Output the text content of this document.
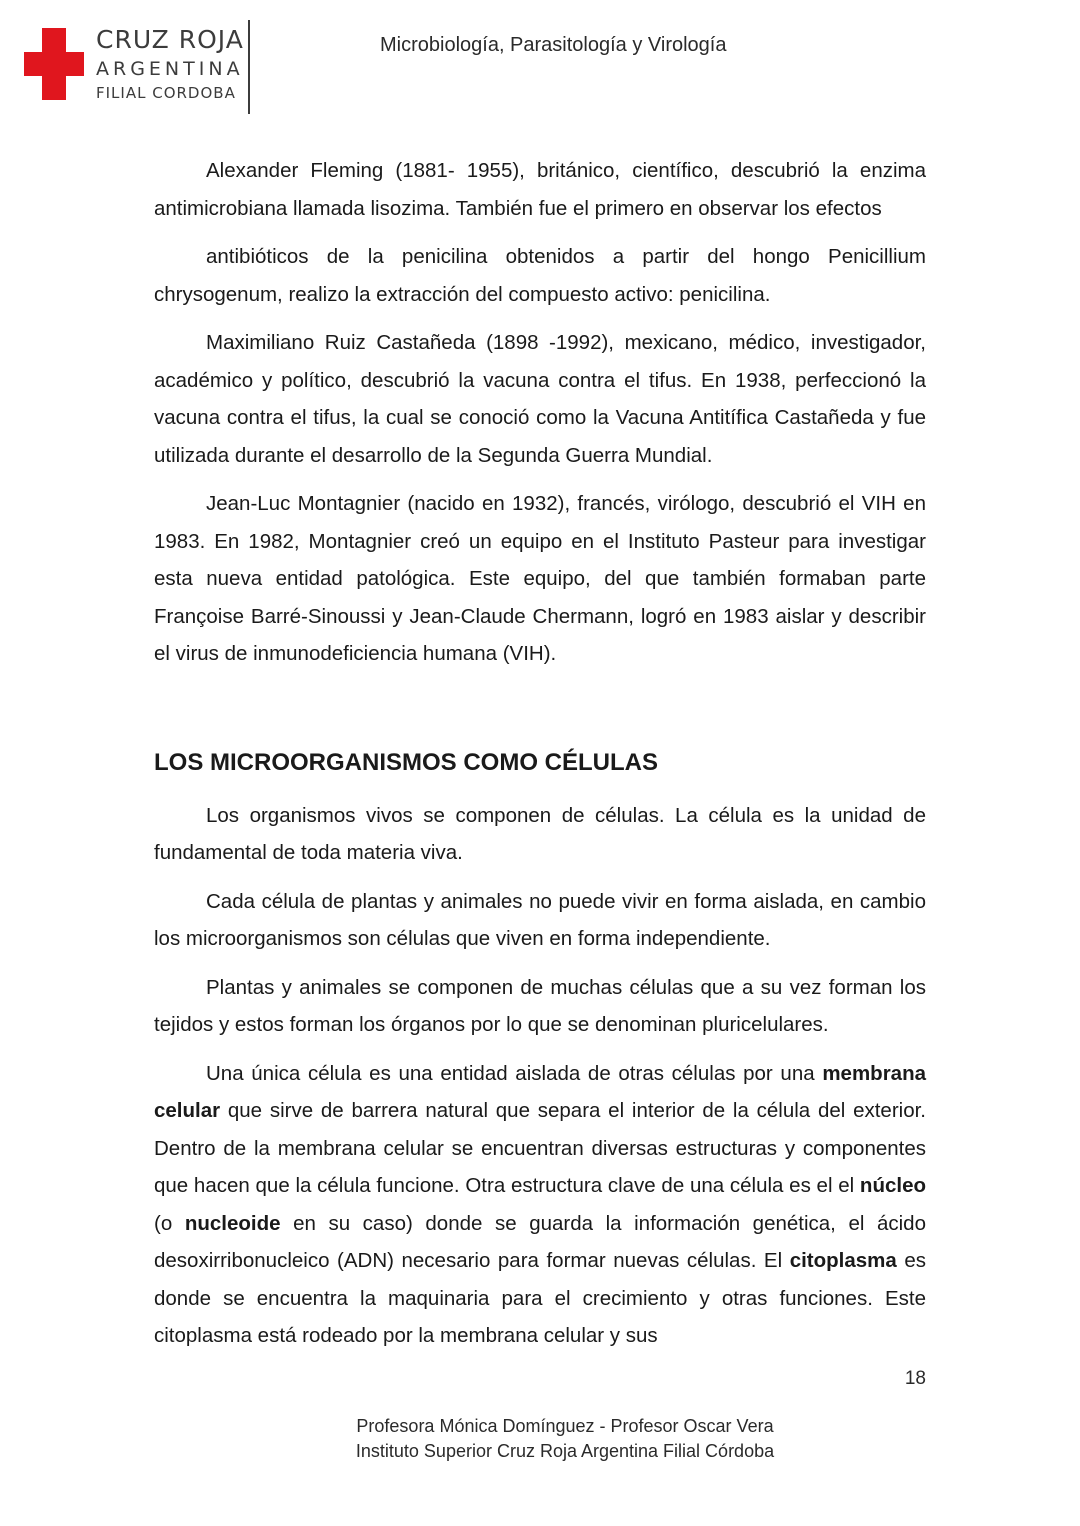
CRUZ ROJA
ARGENTINA
FILIAL CORDOBA
Microbiología, Parasitología y Virología

Alexander Fleming (1881- 1955), británico, científico, descubrió la enzima antimicrobiana llamada lisozima. También fue el primero en observar los efectos

antibióticos de la penicilina obtenidos a partir del hongo Penicillium chrysogenum, realizo la extracción del compuesto activo: penicilina.

Maximiliano Ruiz Castañeda (1898 -1992), mexicano, médico, investigador, académico y político, descubrió la vacuna contra el tifus. En 1938, perfeccionó la vacuna contra el tifus, la cual se conoció como la Vacuna Antitífica Castañeda y fue utilizada durante el desarrollo de la Segunda Guerra Mundial.

Jean-Luc Montagnier (nacido en 1932), francés, virólogo, descubrió el VIH en 1983. En 1982, Montagnier creó un equipo en el Instituto Pasteur para investigar esta nueva entidad patológica. Este equipo, del que también formaban parte Françoise Barré-Sinoussi y Jean-Claude Chermann, logró en 1983 aislar y describir el virus de inmunodeficiencia humana (VIH).

LOS MICROORGANISMOS COMO CÉLULAS

Los organismos vivos se componen de células. La célula es la unidad de fundamental de toda materia viva.

Cada célula de plantas y animales no puede vivir en forma aislada, en cambio los microorganismos son células que viven en forma independiente.

Plantas y animales se componen de muchas células que a su vez forman los tejidos y estos forman los órganos por lo que se denominan pluricelulares.

Una única célula es una entidad aislada de otras células por una membrana celular que sirve de barrera natural que separa el interior de la célula del exterior. Dentro de la membrana celular se encuentran diversas estructuras y componentes que hacen que la célula funcione. Otra estructura clave de una célula es el el núcleo (o nucleoide en su caso) donde se guarda la información genética, el ácido desoxirribonucleico (ADN) necesario para formar nuevas células. El citoplasma es donde se encuentra la maquinaria para el crecimiento y otras funciones. Este citoplasma está rodeado por la membrana celular y sus

18
Profesora Mónica Domínguez - Profesor Oscar Vera
Instituto Superior Cruz Roja Argentina Filial Córdoba
